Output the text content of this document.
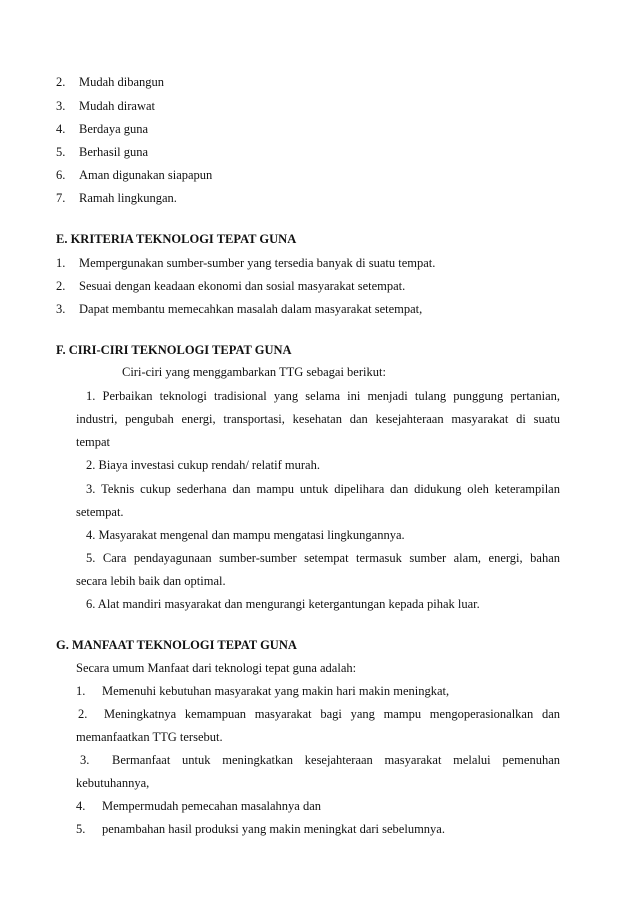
2. Mudah dibangun
3. Mudah dirawat
4. Berdaya guna
5. Berhasil guna
6. Aman digunakan siapapun
7. Ramah lingkungan.
E. KRITERIA TEKNOLOGI TEPAT GUNA
1. Mempergunakan sumber-sumber yang tersedia banyak di suatu tempat.
2. Sesuai dengan keadaan ekonomi dan sosial masyarakat setempat.
3. Dapat membantu memecahkan masalah dalam masyarakat setempat,
F. CIRI-CIRI TEKNOLOGI TEPAT GUNA
Ciri-ciri yang menggambarkan TTG sebagai berikut:
1. Perbaikan teknologi tradisional yang selama ini menjadi tulang punggung pertanian,
industri, pengubah energi, transportasi, kesehatan dan kesejahteraan masyarakat di suatu
tempat
2. Biaya investasi cukup rendah/ relatif murah.
3. Teknis cukup sederhana dan mampu untuk dipelihara dan didukung oleh keterampilan
setempat.
4. Masyarakat mengenal dan mampu mengatasi lingkungannya.
5. Cara pendayagunaan sumber-sumber setempat termasuk sumber alam, energi, bahan
secara lebih baik dan optimal.
6. Alat mandiri masyarakat dan mengurangi ketergantungan kepada pihak luar.
G. MANFAAT TEKNOLOGI TEPAT GUNA
Secara umum Manfaat dari teknologi tepat guna adalah:
1. Memenuhi kebutuhan masyarakat yang makin hari makin meningkat,
2. Meningkatnya kemampuan masyarakat bagi yang mampu mengoperasionalkan dan
memanfaatkan TTG tersebut.
3. Bermanfaat untuk meningkatkan kesejahteraan masyarakat melalui pemenuhan
kebutuhannya,
4. Mempermudah pemecahan masalahnya dan
5. penambahan hasil produksi yang makin meningkat dari sebelumnya.
